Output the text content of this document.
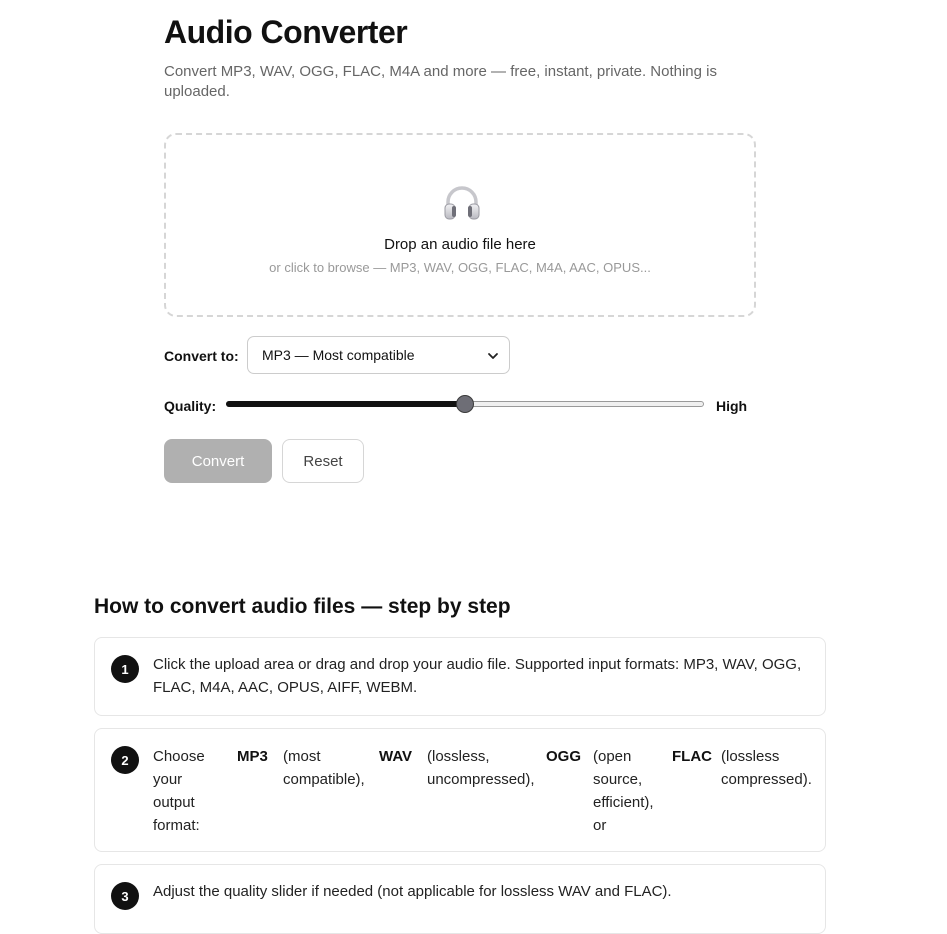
Audio Converter

Convert MP3, WAV, OGG, FLAC, M4A and more — free, instant, private. Nothing is uploaded.

Drop an audio file here
or click to browse — MP3, WAV, OGG, FLAC, M4A, AAC, OPUS...
Convert to: MP3 — Most compatible
Quality:	High
Convert	Reset
How to convert audio files — step by step
1	Click the upload area or drag and drop your audio file. Supported input formats: MP3, WAV, OGG, FLAC, M4A, AAC, OPUS, AIFF, WEBM.
2	Choose your output format:
MP3	(most compatible),
WAV (lossless, uncompressed),
OGG (open source, efficient), or
FLAC (lossless compressed).
3	Adjust the quality slider if needed (not applicable for lossless WAV and FLAC).
